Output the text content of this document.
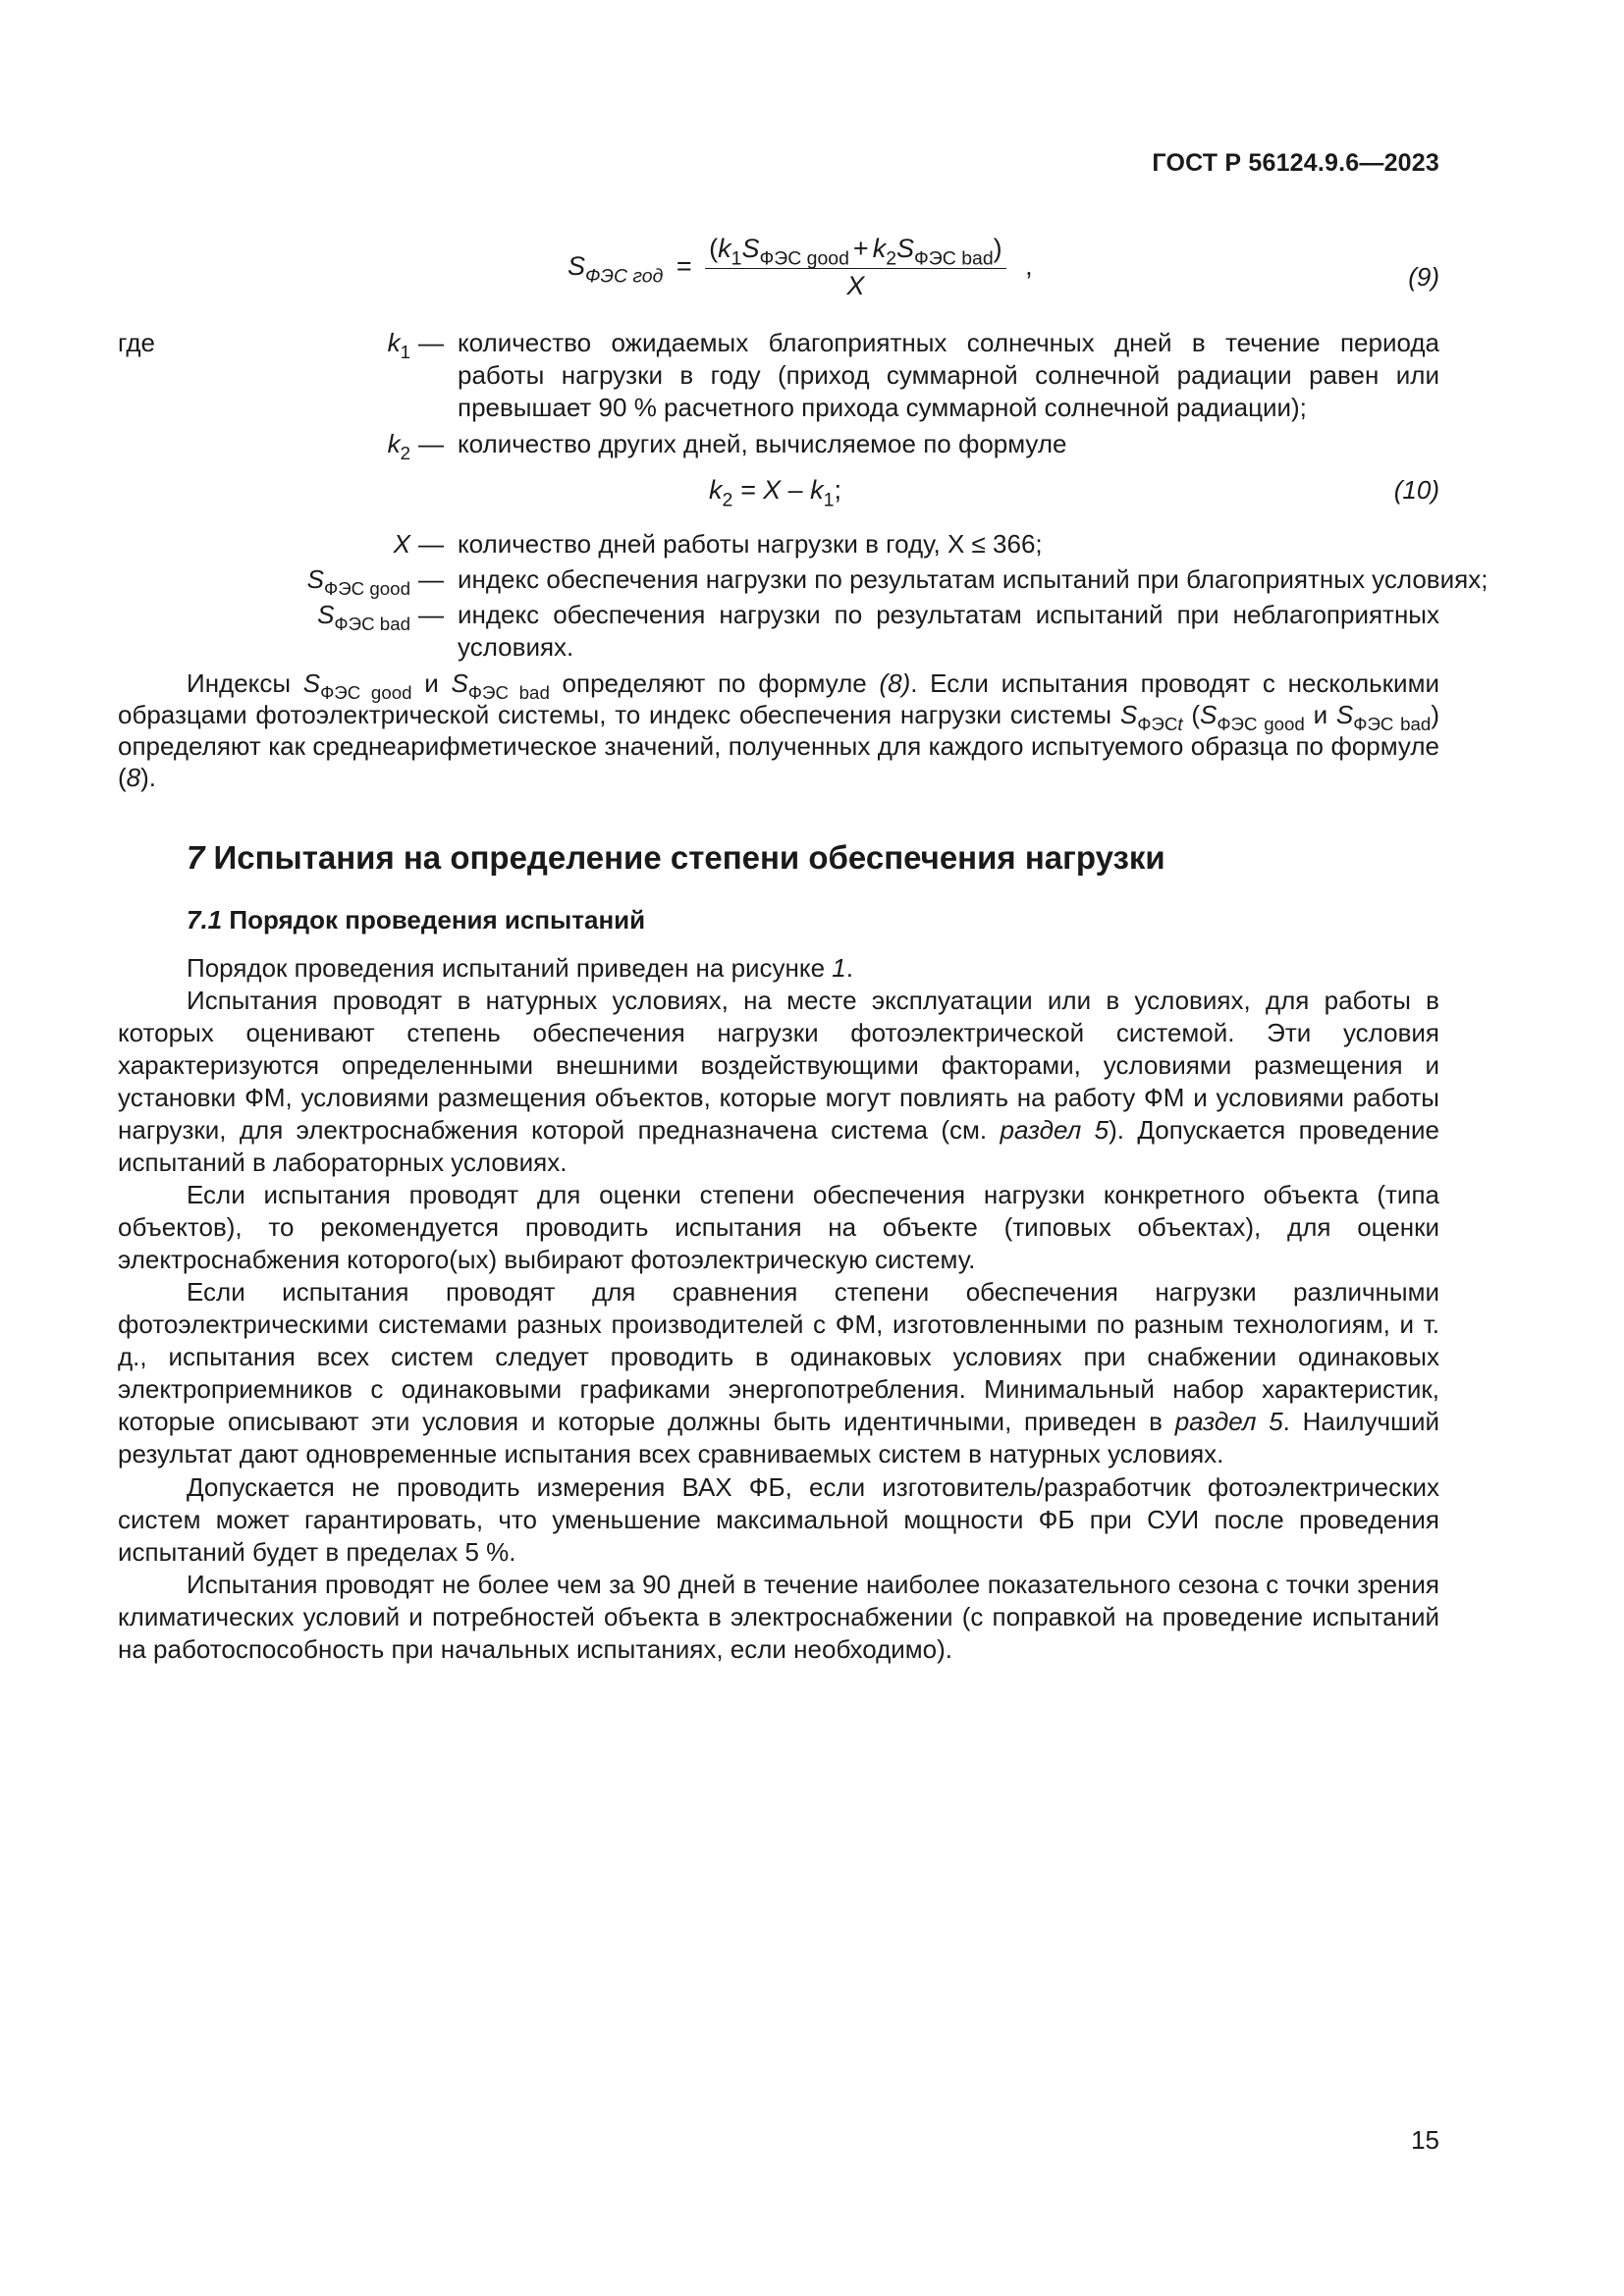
ГОСТ Р 56124.9.6—2023
$S_{ФЭС год} = \frac{(k_1S_{ФЭС good} + k_2S_{ФЭС bad})}{X}$ ,	(9)
где	$k_1$ — количество ожидаемых благоприятных солнечных дней в течение периода работы нагрузки в году (приход суммарной солнечной радиации равен или превышает 90 % расчетного прихода суммарной солнечной радиации);
$k_2$ — количество других дней, вычисляемое по формуле
$k_2 = X - k_1$;	(10)
X — количество дней работы нагрузки в году, X ≤ 366;
$S_{ФЭС good}$ — индекс обеспечения нагрузки по результатам испытаний при благоприятных условиях;
$S_{ФЭС bad}$ — индекс обеспечения нагрузки по результатам испытаний при неблагоприятных условиях.
Индексы $S_{ФЭС good}$ и $S_{ФЭС bad}$ определяют по формуле (8). Если испытания проводят с несколькими образцами фотоэлектрической системы, то индекс обеспечения нагрузки системы $S_{ФЭСt}$ ($S_{ФЭС good}$ и $S_{ФЭС bad}$) определяют как среднеарифметическое значений, полученных для каждого испытуемого образца по формуле (8).
7 Испытания на определение степени обеспечения нагрузки
7.1 Порядок проведения испытаний
Порядок проведения испытаний приведен на рисунке 1.
Испытания проводят в натурных условиях, на месте эксплуатации или в условиях, для работы в которых оценивают степень обеспечения нагрузки фотоэлектрической системой. Эти условия характеризуются определенными внешними воздействующими факторами, условиями размещения и установки ФМ, условиями размещения объектов, которые могут повлиять на работу ФМ и условиями работы нагрузки, для электроснабжения которой предназначена система (см. раздел 5). Допускается проведение испытаний в лабораторных условиях.
Если испытания проводят для оценки степени обеспечения нагрузки конкретного объекта (типа объектов), то рекомендуется проводить испытания на объекте (типовых объектах), для оценки электроснабжения которого(ых) выбирают фотоэлектрическую систему.
Если испытания проводят для сравнения степени обеспечения нагрузки различными фотоэлектрическими системами разных производителей с ФМ, изготовленными по разным технологиям, и т. д., испытания всех систем следует проводить в одинаковых условиях при снабжении одинаковых электроприемников с одинаковыми графиками энергопотребления. Минимальный набор характеристик, которые описывают эти условия и которые должны быть идентичными, приведен в раздел 5. Наилучший результат дают одновременные испытания всех сравниваемых систем в натурных условиях.
Допускается не проводить измерения ВАХ ФБ, если изготовитель/разработчик фотоэлектрических систем может гарантировать, что уменьшение максимальной мощности ФБ при СУИ после проведения испытаний будет в пределах 5 %.
Испытания проводят не более чем за 90 дней в течение наиболее показательного сезона с точки зрения климатических условий и потребностей объекта в электроснабжении (с поправкой на проведение испытаний на работоспособность при начальных испытаниях, если необходимо).
15
